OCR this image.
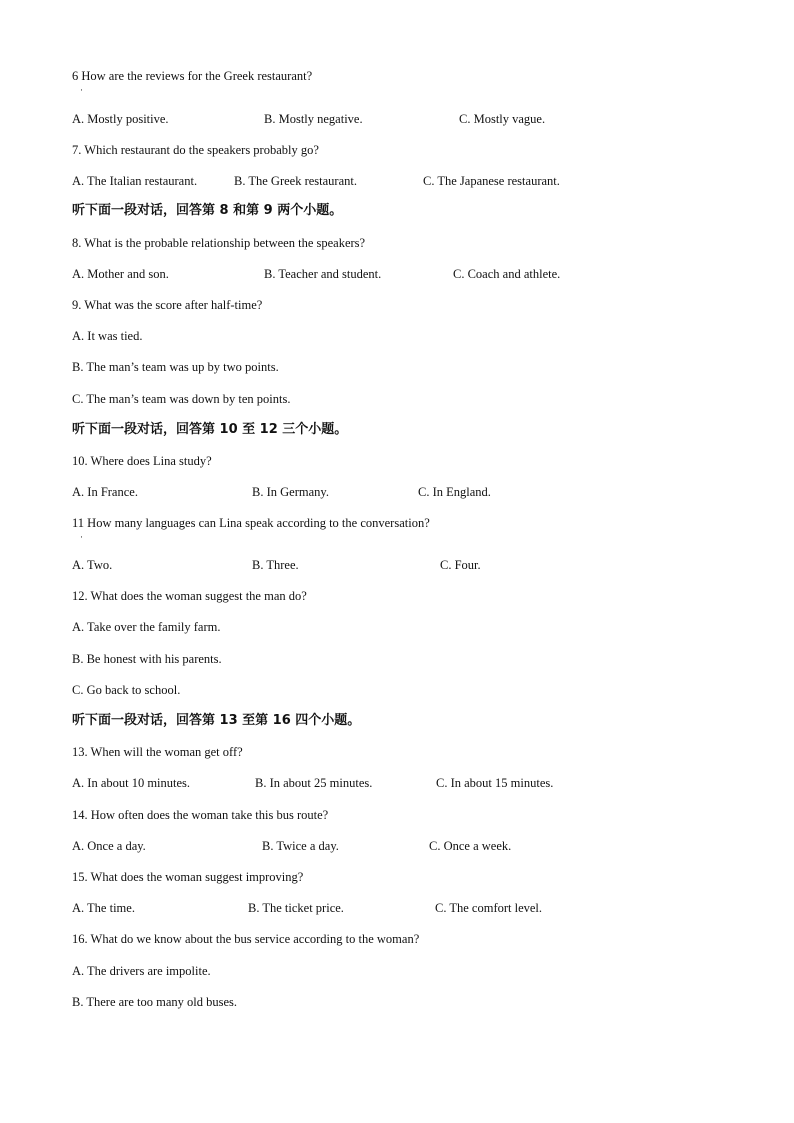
6 How are the reviews for the Greek restaurant?
·
A. Mostly positive.	B. Mostly negative.	C. Mostly vague.
7. Which restaurant do the speakers probably go?
A. The Italian restaurant.	B. The Greek restaurant.	C. The Japanese restaurant.
听下面一段对话，回答第 8 和第 9 两个小题。
8. What is the probable relationship between the speakers?
A. Mother and son.	B. Teacher and student.	C. Coach and athlete.
9. What was the score after half-time?
A. It was tied.
B. The man’s team was up by two points.
C. The man’s team was down by ten points.
听下面一段对话，回答第 10 至 12 三个小题。
10. Where does Lina study?
A. In France.	B. In Germany.	C. In England.
11 How many languages can Lina speak according to the conversation?
·
A. Two.	B. Three.	C. Four.
12. What does the woman suggest the man do?
A. Take over the family farm.
B. Be honest with his parents.
C. Go back to school.
听下面一段对话，回答第 13 至第 16 四个小题。
13. When will the woman get off?
A. In about 10 minutes.	B. In about 25 minutes.	C. In about 15 minutes.
14. How often does the woman take this bus route?
A. Once a day.	B. Twice a day.	C. Once a week.
15. What does the woman suggest improving?
A. The time.	B. The ticket price.	C. The comfort level.
16. What do we know about the bus service according to the woman?
A. The drivers are impolite.
B. There are too many old buses.
